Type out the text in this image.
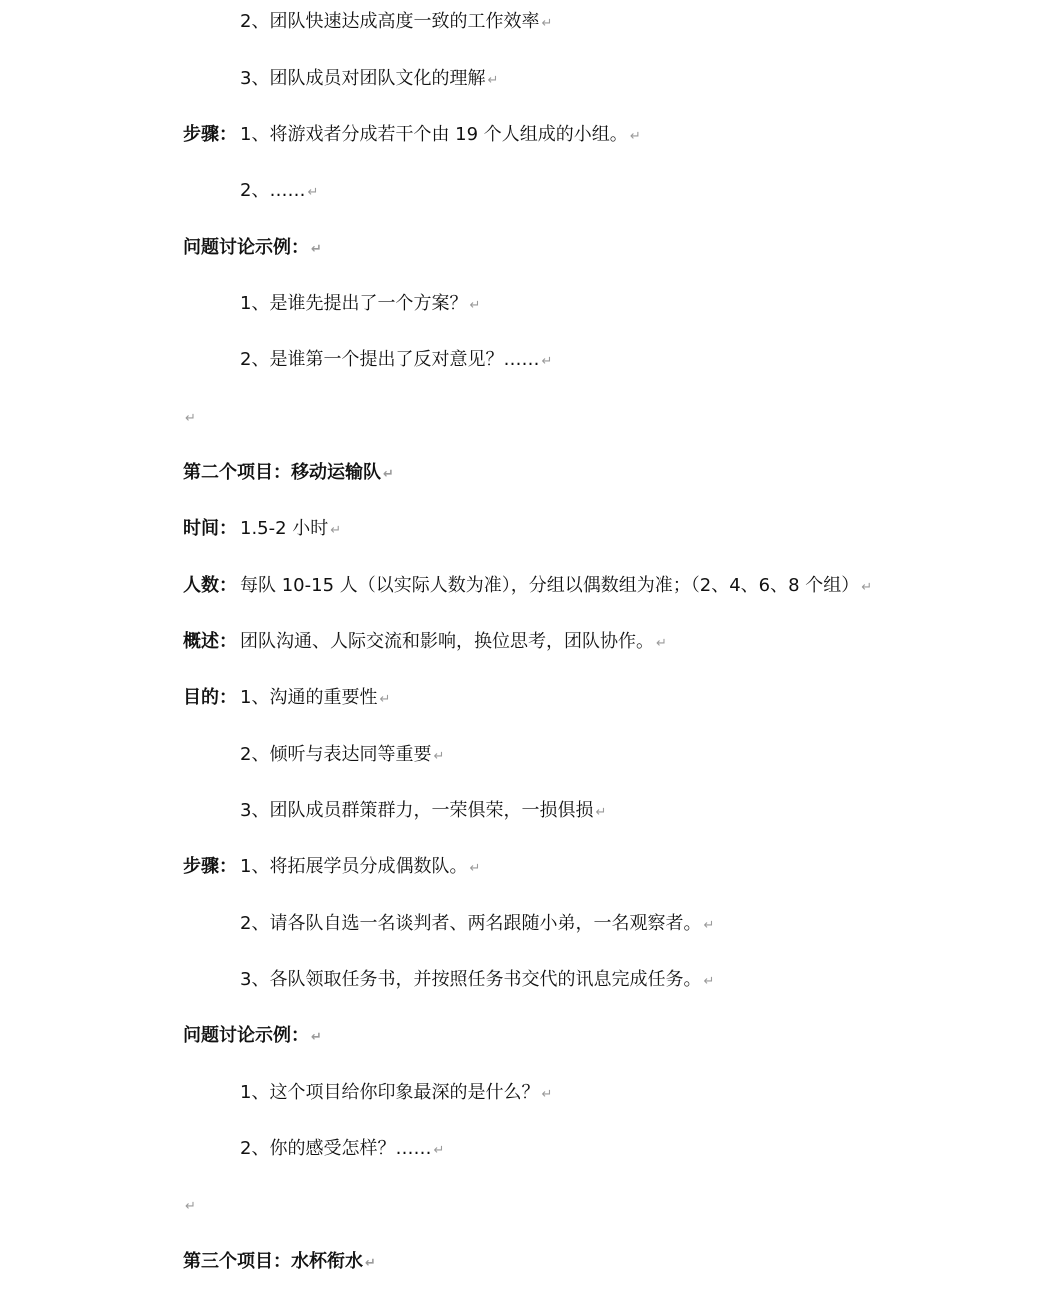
2、团队快速达成高度一致的工作效率 ↵
3、团队成员对团队文化的理解 ↵
步骤： 1、将游戏者分成若干个由 19 个人组成的小组。 ↵
2、…… ↵
问题讨论示例： ↵
1、是谁先提出了一个方案？ ↵
2、是谁第一个提出了反对意见？…… ↵
↵
第二个项目：移动运输队 ↵
时间： 1.5-2 小时 ↵
人数： 每队 10-15 人（以实际人数为准），分组以偶数组为准；（2、4、6、8 个组） ↵
概述： 团队沟通、人际交流和影响，换位思考，团队协作。 ↵
目的： 1、沟通的重要性 ↵
2、倾听与表达同等重要 ↵
3、团队成员群策群力，一荣俱荣，一损俱损 ↵
步骤： 1、将拓展学员分成偶数队。 ↵
2、请各队自选一名谈判者、两名跟随小弟，一名观察者。 ↵
3、各队领取任务书，并按照任务书交代的讯息完成任务。 ↵
问题讨论示例： ↵
1、这个项目给你印象最深的是什么？ ↵
2、你的感受怎样？…… ↵
↵
第三个项目：水杯衔水 ↵
